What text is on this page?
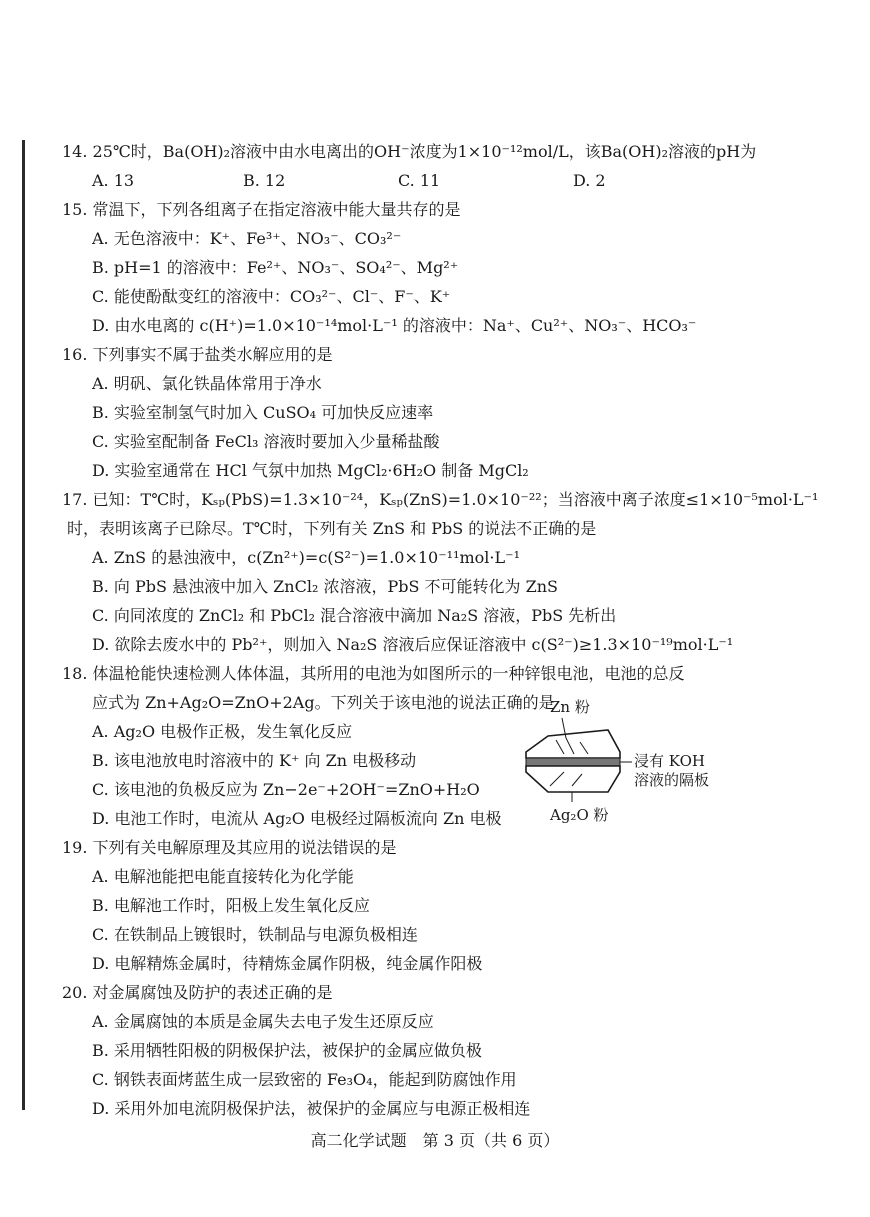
14. 25℃时，Ba(OH)₂溶液中由水电离出的OH⁻浓度为1×10⁻¹²mol/L，该Ba(OH)₂溶液的pH为
A. 13	B. 12	C. 11	D. 2
15. 常温下，下列各组离子在指定溶液中能大量共存的是
A. 无色溶液中：K⁺、Fe³⁺、NO₃⁻、CO₃²⁻
B. pH=1 的溶液中：Fe²⁺、NO₃⁻、SO₄²⁻、Mg²⁺
C. 能使酚酞变红的溶液中：CO₃²⁻、Cl⁻、F⁻、K⁺
D. 由水电离的 c(H⁺)=1.0×10⁻¹⁴mol·L⁻¹ 的溶液中：Na⁺、Cu²⁺、NO₃⁻、HCO₃⁻
16. 下列事实不属于盐类水解应用的是
A. 明矾、氯化铁晶体常用于净水
B. 实验室制氢气时加入 CuSO₄ 可加快反应速率
C. 实验室配制备 FeCl₃ 溶液时要加入少量稀盐酸
D. 实验室通常在 HCl 气氛中加热 MgCl₂·6H₂O 制备 MgCl₂
17. 已知：T℃时，Kₛₚ(PbS)=1.3×10⁻²⁴，Kₛₚ(ZnS)=1.0×10⁻²²；当溶液中离子浓度≤1×10⁻⁵mol·L⁻¹
时，表明该离子已除尽。T℃时，下列有关 ZnS 和 PbS 的说法不正确的是
A. ZnS 的悬浊液中，c(Zn²⁺)=c(S²⁻)=1.0×10⁻¹¹mol·L⁻¹
B. 向 PbS 悬浊液中加入 ZnCl₂ 浓溶液，PbS 不可能转化为 ZnS
C. 向同浓度的 ZnCl₂ 和 PbCl₂ 混合溶液中滴加 Na₂S 溶液，PbS 先析出
D. 欲除去废水中的 Pb²⁺，则加入 Na₂S 溶液后应保证溶液中 c(S²⁻)≥1.3×10⁻¹⁹mol·L⁻¹
18. 体温枪能快速检测人体体温，其所用的电池为如图所示的一种锌银电池，电池的总反
应式为 Zn+Ag₂O=ZnO+2Ag。下列关于该电池的说法正确的是
A. Ag₂O 电极作正极，发生氧化反应
B. 该电池放电时溶液中的 K⁺ 向 Zn 电极移动
C. 该电池的负极反应为 Zn−2e⁻+2OH⁻=ZnO+H₂O
D. 电池工作时，电流从 Ag₂O 电极经过隔板流向 Zn 电极
Zn 粉
浸有 KOH
溶液的隔板
Ag₂O 粉
19. 下列有关电解原理及其应用的说法错误的是
A. 电解池能把电能直接转化为化学能
B. 电解池工作时，阳极上发生氧化反应
C. 在铁制品上镀银时，铁制品与电源负极相连
D. 电解精炼金属时，待精炼金属作阴极，纯金属作阳极
20. 对金属腐蚀及防护的表述正确的是
A. 金属腐蚀的本质是金属失去电子发生还原反应
B. 采用牺牲阳极的阴极保护法，被保护的金属应做负极
C. 钢铁表面烤蓝生成一层致密的 Fe₃O₄，能起到防腐蚀作用
D. 采用外加电流阴极保护法，被保护的金属应与电源正极相连
高二化学试题　第 3 页（共 6 页）
